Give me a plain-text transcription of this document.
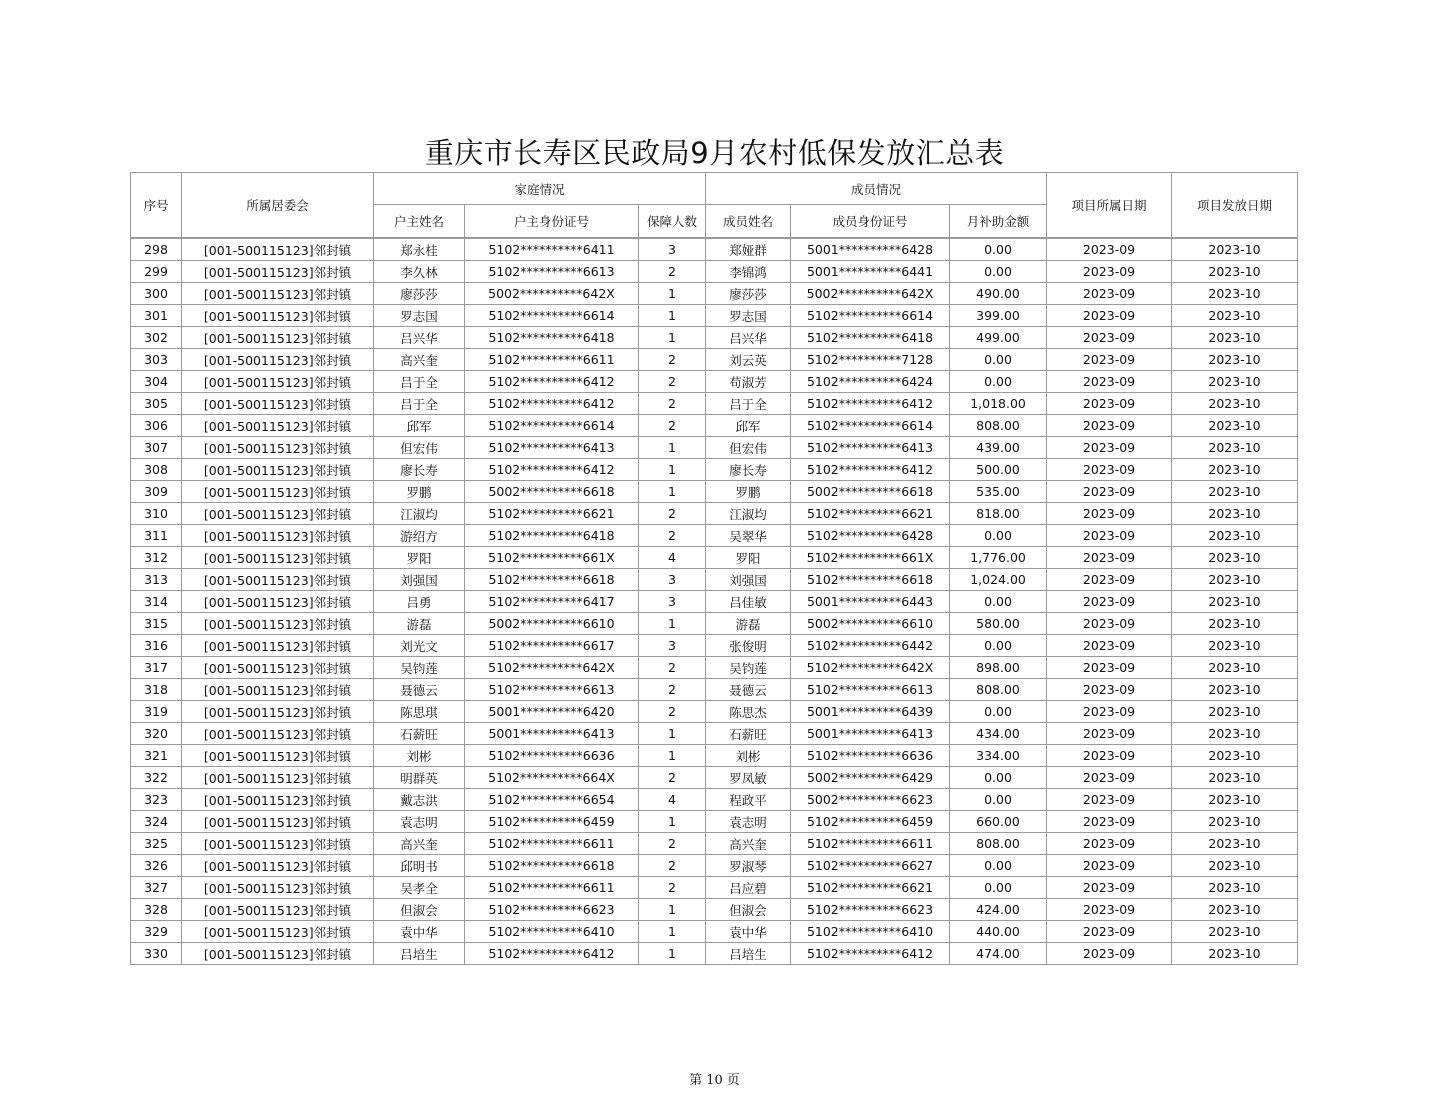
重庆市长寿区民政局9月农村低保发放汇总表
序号	所属居委会	家庭情况			成员情况			项目所属日期	项目发放日期
		户主姓名	户主身份证号	保障人数	成员姓名	成员身份证号	月补助金额		
298	[001-500115123]邻封镇	郑永桂	5102**********6411	3	郑娅群	5001**********6428	0.00	2023-09	2023-10
299	[001-500115123]邻封镇	李久林	5102**********6613	2	李锦鸿	5001**********6441	0.00	2023-09	2023-10
300	[001-500115123]邻封镇	廖莎莎	5002**********642X	1	廖莎莎	5002**********642X	490.00	2023-09	2023-10
301	[001-500115123]邻封镇	罗志国	5102**********6614	1	罗志国	5102**********6614	399.00	2023-09	2023-10
302	[001-500115123]邻封镇	吕兴华	5102**********6418	1	吕兴华	5102**********6418	499.00	2023-09	2023-10
303	[001-500115123]邻封镇	高兴奎	5102**********6611	2	刘云英	5102**********7128	0.00	2023-09	2023-10
304	[001-500115123]邻封镇	吕于全	5102**********6412	2	苟淑芳	5102**********6424	0.00	2023-09	2023-10
305	[001-500115123]邻封镇	吕于全	5102**********6412	2	吕于全	5102**********6412	1,018.00	2023-09	2023-10
306	[001-500115123]邻封镇	邱军	5102**********6614	2	邱军	5102**********6614	808.00	2023-09	2023-10
307	[001-500115123]邻封镇	但宏伟	5102**********6413	1	但宏伟	5102**********6413	439.00	2023-09	2023-10
308	[001-500115123]邻封镇	廖长寿	5102**********6412	1	廖长寿	5102**********6412	500.00	2023-09	2023-10
309	[001-500115123]邻封镇	罗鹏	5002**********6618	1	罗鹏	5002**********6618	535.00	2023-09	2023-10
310	[001-500115123]邻封镇	江淑均	5102**********6621	2	江淑均	5102**********6621	818.00	2023-09	2023-10
311	[001-500115123]邻封镇	游绍方	5102**********6418	2	吴翠华	5102**********6428	0.00	2023-09	2023-10
312	[001-500115123]邻封镇	罗阳	5102**********661X	4	罗阳	5102**********661X	1,776.00	2023-09	2023-10
313	[001-500115123]邻封镇	刘强国	5102**********6618	3	刘强国	5102**********6618	1,024.00	2023-09	2023-10
314	[001-500115123]邻封镇	吕勇	5102**********6417	3	吕佳敏	5001**********6443	0.00	2023-09	2023-10
315	[001-500115123]邻封镇	游磊	5002**********6610	1	游磊	5002**********6610	580.00	2023-09	2023-10
316	[001-500115123]邻封镇	刘光文	5102**********6617	3	张俊明	5102**********6442	0.00	2023-09	2023-10
317	[001-500115123]邻封镇	吴钧莲	5102**********642X	2	吴钧莲	5102**********642X	898.00	2023-09	2023-10
318	[001-500115123]邻封镇	聂德云	5102**********6613	2	聂德云	5102**********6613	808.00	2023-09	2023-10
319	[001-500115123]邻封镇	陈思琪	5001**********6420	2	陈思杰	5001**********6439	0.00	2023-09	2023-10
320	[001-500115123]邻封镇	石薪旺	5001**********6413	1	石薪旺	5001**********6413	434.00	2023-09	2023-10
321	[001-500115123]邻封镇	刘彬	5102**********6636	1	刘彬	5102**********6636	334.00	2023-09	2023-10
322	[001-500115123]邻封镇	明群英	5102**********664X	2	罗凤敏	5002**********6429	0.00	2023-09	2023-10
323	[001-500115123]邻封镇	戴志洪	5102**********6654	4	程政平	5002**********6623	0.00	2023-09	2023-10
324	[001-500115123]邻封镇	袁志明	5102**********6459	1	袁志明	5102**********6459	660.00	2023-09	2023-10
325	[001-500115123]邻封镇	高兴奎	5102**********6611	2	高兴奎	5102**********6611	808.00	2023-09	2023-10
326	[001-500115123]邻封镇	邱明书	5102**********6618	2	罗淑琴	5102**********6627	0.00	2023-09	2023-10
327	[001-500115123]邻封镇	吴孝全	5102**********6611	2	吕应碧	5102**********6621	0.00	2023-09	2023-10
328	[001-500115123]邻封镇	但淑会	5102**********6623	1	但淑会	5102**********6623	424.00	2023-09	2023-10
329	[001-500115123]邻封镇	袁中华	5102**********6410	1	袁中华	5102**********6410	440.00	2023-09	2023-10
330	[001-500115123]邻封镇	吕培生	5102**********6412	1	吕培生	5102**********6412	474.00	2023-09	2023-10
第 10 页
